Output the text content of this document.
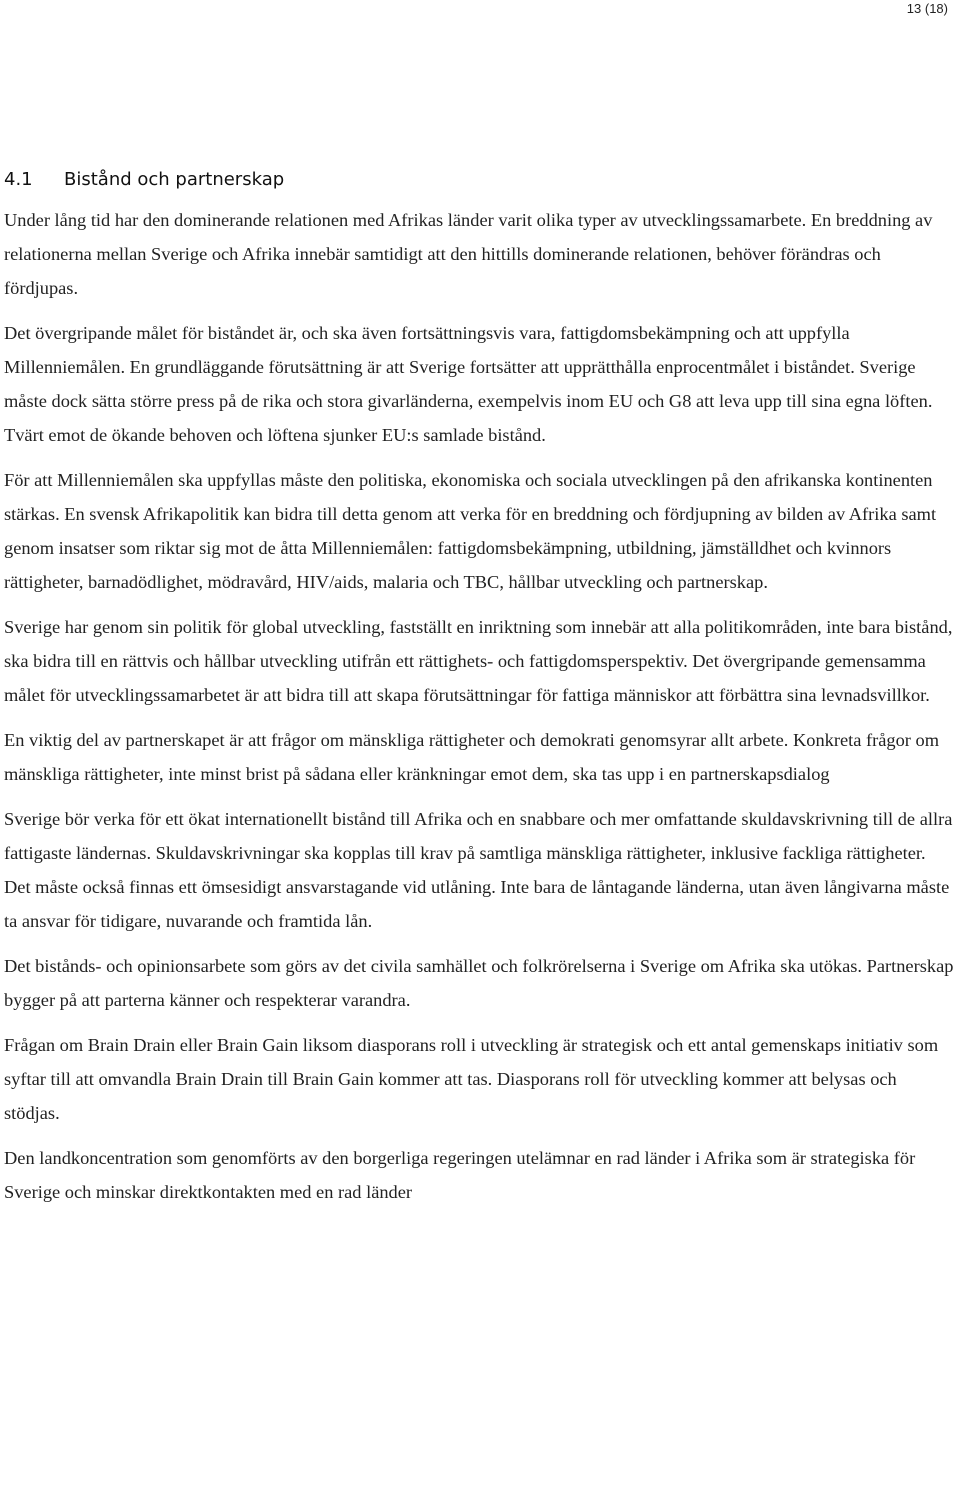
13 (18)
4.1 Bistånd och partnerskap

Under lång tid har den dominerande relationen med Afrikas länder varit olika typer av utvecklingssamarbete. En breddning av relationerna mellan Sverige och Afrika innebär samtidigt att den hittills dominerande relationen, behöver förändras och fördjupas.

Det övergripande målet för biståndet är, och ska även fortsättningsvis vara, fattigdomsbekämpning och att uppfylla Millenniemålen. En grundläggande förutsättning är att Sverige fortsätter att upprätthålla enprocentmålet i biståndet. Sverige måste dock sätta större press på de rika och stora givarländerna, exempelvis inom EU och G8 att leva upp till sina egna löften. Tvärt emot de ökande behoven och löftena sjunker EU:s samlade bistånd.

För att Millenniemålen ska uppfyllas måste den politiska, ekonomiska och sociala utvecklingen på den afrikanska kontinenten stärkas. En svensk Afrikapolitik kan bidra till detta genom att verka för en breddning och fördjupning av bilden av Afrika samt genom insatser som riktar sig mot de åtta Millenniemålen: fattigdomsbekämpning, utbildning, jämställdhet och kvinnors rättigheter, barnadödlighet, mödravård, HIV/aids, malaria och TBC, hållbar utveckling och partnerskap.

Sverige har genom sin politik för global utveckling, fastställt en inriktning som innebär att alla politikområden, inte bara bistånd, ska bidra till en rättvis och hållbar utveckling utifrån ett rättighets- och fattigdomsperspektiv. Det övergripande gemensamma målet för utvecklingssamarbetet är att bidra till att skapa förutsättningar för fattiga människor att förbättra sina levnadsvillkor.

En viktig del av partnerskapet är att frågor om mänskliga rättigheter och demokrati genomsyrar allt arbete. Konkreta frågor om mänskliga rättigheter, inte minst brist på sådana eller kränkningar emot dem, ska tas upp i en partnerskapsdialog

Sverige bör verka för ett ökat internationellt bistånd till Afrika och en snabbare och mer omfattande skuldavskrivning till de allra fattigaste ländernas. Skuldavskrivningar ska kopplas till krav på samtliga mänskliga rättigheter, inklusive fackliga rättigheter. Det måste också finnas ett ömsesidigt ansvarstagande vid utlåning. Inte bara de låntagande länderna, utan även långivarna måste ta ansvar för tidigare, nuvarande och framtida lån.

Det bistånds- och opinionsarbete som görs av det civila samhället och folkrörelserna i Sverige om Afrika ska utökas. Partnerskap bygger på att parterna känner och respekterar varandra.

Frågan om Brain Drain eller Brain Gain liksom diasporans roll i utveckling är strategisk och ett antal gemenskaps initiativ som syftar till att omvandla Brain Drain till Brain Gain kommer att tas. Diasporans roll för utveckling kommer att belysas och stödjas.

Den landkoncentration som genomförts av den borgerliga regeringen utelämnar en rad länder i Afrika som är strategiska för Sverige och minskar direktkontakten med en rad länder
